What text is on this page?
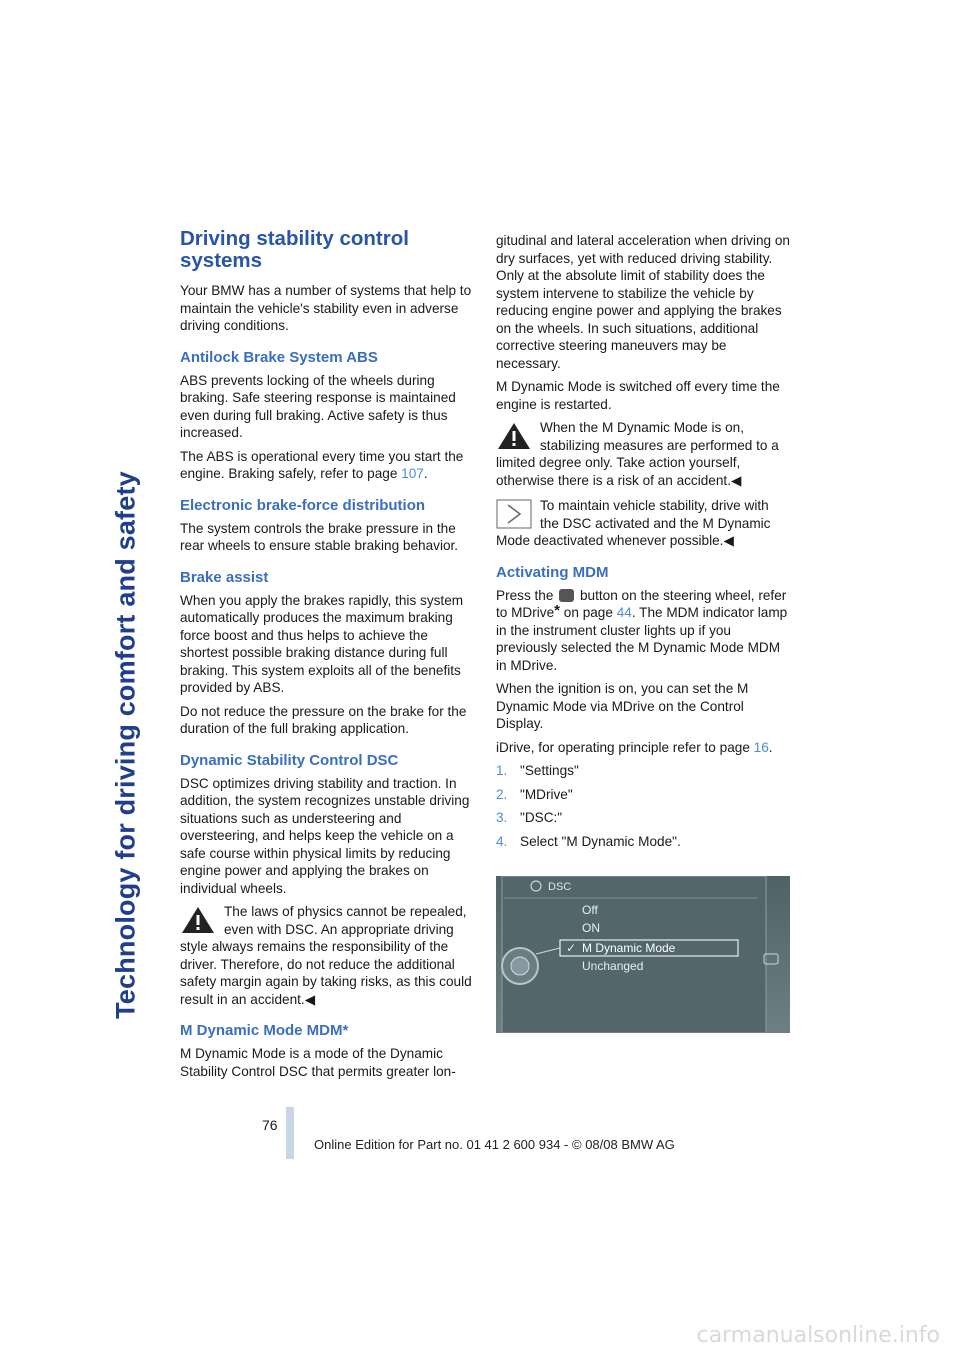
Technology for driving comfort and safety
Driving stability control systems

Your BMW has a number of systems that help to maintain the vehicle's stability even in adverse driving conditions.

Antilock Brake System ABS

ABS prevents locking of the wheels during braking. Safe steering response is maintained even during full braking. Active safety is thus increased.

The ABS is operational every time you start the engine. Braking safely, refer to page 107.

Electronic brake-force distribution

The system controls the brake pressure in the rear wheels to ensure stable braking behavior.

Brake assist

When you apply the brakes rapidly, this system automatically produces the maximum braking force boost and thus helps to achieve the shortest possible braking distance during full braking. This system exploits all of the benefits provided by ABS.

Do not reduce the pressure on the brake for the duration of the full braking application.

Dynamic Stability Control DSC

DSC optimizes driving stability and traction. In addition, the system recognizes unstable driving situations such as understeering and oversteering, and helps keep the vehicle on a safe course within physical limits by reducing engine power and applying the brakes on individual wheels.

The laws of physics cannot be repealed, even with DSC. An appropriate driving style always remains the responsibility of the driver. Therefore, do not reduce the additional safety margin again by taking risks, as this could result in an accident.◀
M Dynamic Mode MDM*

M Dynamic Mode is a mode of the Dynamic Stability Control DSC that permits greater lon-

gitudinal and lateral acceleration when driving on dry surfaces, yet with reduced driving stability. Only at the absolute limit of stability does the system intervene to stabilize the vehicle by reducing engine power and applying the brakes on the wheels. In such situations, additional corrective steering maneuvers may be necessary.

M Dynamic Mode is switched off every time the engine is restarted.

When the M Dynamic Mode is on, stabilizing measures are performed to a limited degree only. Take action yourself, otherwise there is a risk of an accident.◀
To maintain vehicle stability, drive with the DSC activated and the M Dynamic Mode deactivated whenever possible.◀
Activating MDM

Press the  button on the steering wheel, refer to MDrive* on page 44. The MDM indicator lamp in the instrument cluster lights up if you previously selected the M Dynamic Mode MDM in MDrive.

When the ignition is on, you can set the M Dynamic Mode via MDrive on the Control Display.

iDrive, for operating principle refer to page 16.

1. "Settings"
2. "MDrive"
3. "DSC:"
4. Select "M Dynamic Mode".
DSC
Off
ON
✓ M Dynamic Mode
Unchanged
76
Online Edition for Part no. 01 41 2 600 934 - © 08/08 BMW AG
carmanualsonline.info
